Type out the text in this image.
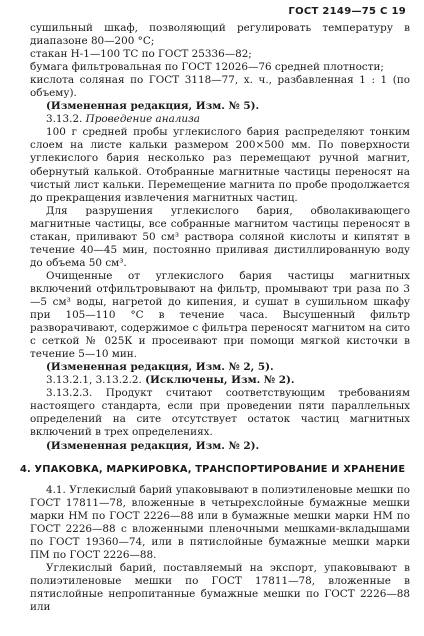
ГОСТ 2149—75 С 19

сушильный шкаф, позволяющий регулировать температуру в диапазоне 80—200 °С;

стакан Н-1—100 ТС по ГОСТ 25336—82;

бумага фильтровальная по ГОСТ 12026—76 средней плотности;

кислота соляная по ГОСТ 3118—77, х. ч., разбавленная 1 : 1 (по объему).

(Измененная редакция, Изм. № 5).

3.13.2. Проведение анализа

100 г средней пробы углекислого бария распределяют тонким слоем на листе кальки размером 200×500 мм. По поверхности углекислого бария несколько раз перемещают ручной магнит, обернутый калькой. Отобранные магнитные частицы переносят на чистый лист кальки. Перемещение магнита по пробе продолжается до прекращения извлечения магнитных частиц.

Для разрушения углекислого бария, обволакивающего магнитные частицы, все собранные магнитом частицы переносят в стакан, приливают 50 см³ раствора соляной кислоты и кипятят в течение 40—45 мин, постоянно приливая дистиллированную воду до объема 50 см³.

Очищенные от углекислого бария частицы магнитных включений отфильтровывают на фильтр, промывают три раза по 3—5 см³ воды, нагретой до кипения, и сушат в сушильном шкафу при 105—110 °С в течение часа. Высушенный фильтр разворачивают, содержимое с фильтра переносят магнитом на сито с сеткой № 025К и просеивают при помощи мягкой кисточки в течение 5—10 мин.

(Измененная редакция, Изм. № 2, 5).

3.13.2.1, 3.13.2.2. (Исключены, Изм. № 2).

3.13.2.3. Продукт считают соответствующим требованиям настоящего стандарта, если при проведении пяти параллельных определений на сите отсутствует остаток частиц магнитных включений в трех определениях.

(Измененная редакция, Изм. № 2).

4. УПАКОВКА, МАРКИРОВКА, ТРАНСПОРТИРОВАНИЕ И ХРАНЕНИЕ

4.1. Углекислый барий упаковывают в полиэтиленовые мешки по ГОСТ 17811—78, вложенные в четырехслойные бумажные мешки марки НМ по ГОСТ 2226—88 или в бумажные мешки марки НМ по ГОСТ 2226—88 с вложенными пленочными мешками-вкладышами по ГОСТ 19360—74, или в пятислойные бумажные мешки марки ПМ по ГОСТ 2226—88.

Углекислый барий, поставляемый на экспорт, упаковывают в полиэтиленовые мешки по ГОСТ 17811—78, вложенные в пятислойные непропитанные бумажные мешки по ГОСТ 2226—88 или
